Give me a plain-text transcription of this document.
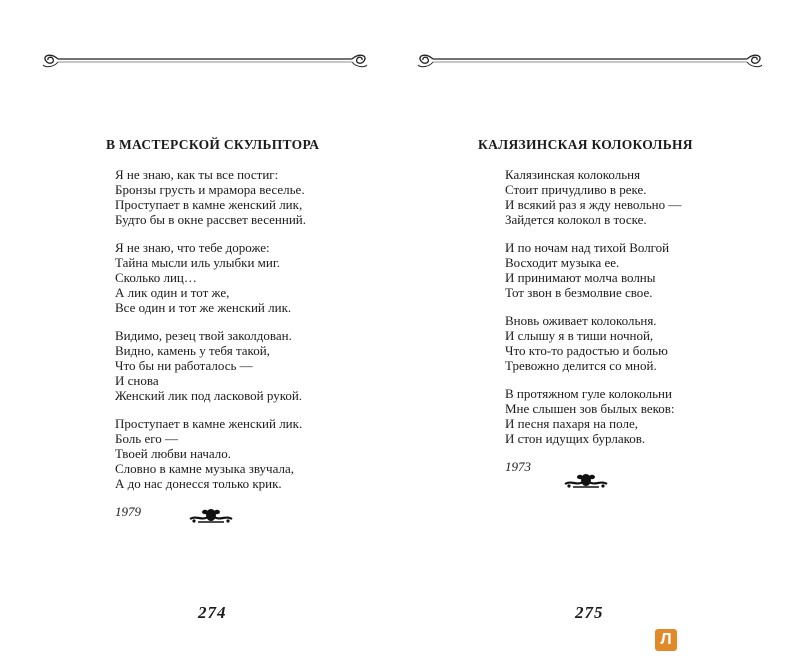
В МАСТЕРСКОЙ СКУЛЬПТОРА
Я не знаю, как ты все постиг:
Бронзы грусть и мрамора веселье.
Проступает в камне женский лик,
Будто бы в окне рассвет весенний.
Я не знаю, что тебе дороже:
Тайна мысли иль улыбки миг.
Сколько лиц…
А лик один и тот же,
Все один и тот же женский лик.
Видимо, резец твой заколдован.
Видно, камень у тебя такой,
Что бы ни работалось —
И снова
Женский лик под ласковой рукой.
Проступает в камне женский лик.
Боль его —
Твоей любви начало.
Словно в камне музыка звучала,
А до нас донесся только крик.
1979
274
КАЛЯЗИНСКАЯ КОЛОКОЛЬНЯ
Калязинская колокольня
Стоит причудливо в реке.
И всякий раз я жду невольно —
Зайдется колокол в тоске.
И по ночам над тихой Волгой
Восходит музыка ее.
И принимают молча волны
Тот звон в безмолвие свое.
Вновь оживает колокольня.
И слышу я в тиши ночной,
Что кто-то радостью и болью
Тревожно делится со мной.
В протяжном гуле колокольни
Мне слышен зов былых веков:
И песня пахаря на поле,
И стон идущих бурлаков.
1973
275
Л
